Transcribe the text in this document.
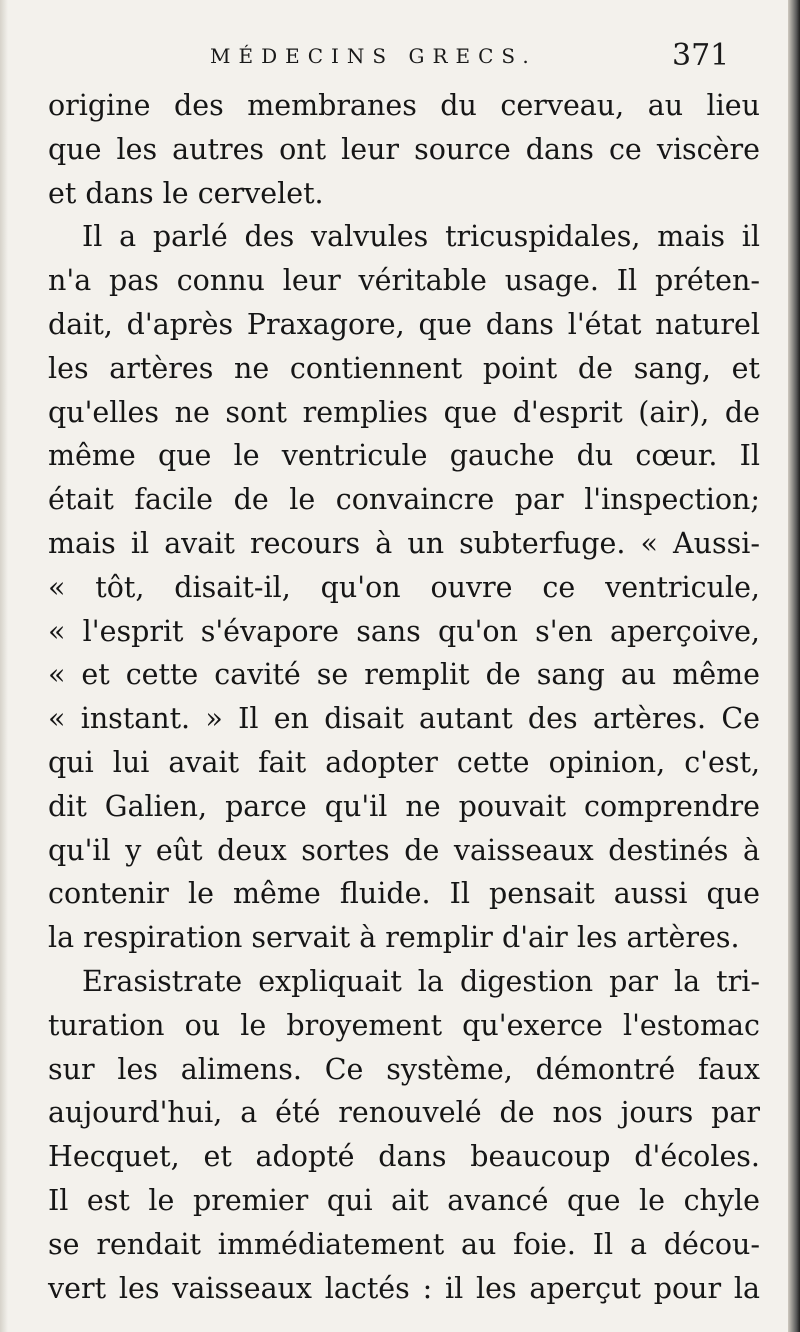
MÉDECINS GRECS.	371
origine des membranes du cerveau, au lieu
que les autres ont leur source dans ce viscère
et dans le cervelet.
Il a parlé des valvules tricuspidales, mais il
n'a pas connu leur véritable usage. Il préten-
dait, d'après Praxagore, que dans l'état naturel
les artères ne contiennent point de sang, et
qu'elles ne sont remplies que d'esprit (air), de
même que le ventricule gauche du cœur. Il
était facile de le convaincre par l'inspection;
mais il avait recours à un subterfuge. « Aussi-
« tôt, disait-il, qu'on ouvre ce ventricule,
« l'esprit s'évapore sans qu'on s'en aperçoive,
« et cette cavité se remplit de sang au même
« instant. » Il en disait autant des artères. Ce
qui lui avait fait adopter cette opinion, c'est,
dit Galien, parce qu'il ne pouvait comprendre
qu'il y eût deux sortes de vaisseaux destinés à
contenir le même fluide. Il pensait aussi que
la respiration servait à remplir d'air les artères.
Erasistrate expliquait la digestion par la tri-
turation ou le broyement qu'exerce l'estomac
sur les alimens. Ce système, démontré faux
aujourd'hui, a été renouvelé de nos jours par
Hecquet, et adopté dans beaucoup d'écoles.
Il est le premier qui ait avancé que le chyle
se rendait immédiatement au foie. Il a décou-
vert les vaisseaux lactés : il les aperçut pour la
